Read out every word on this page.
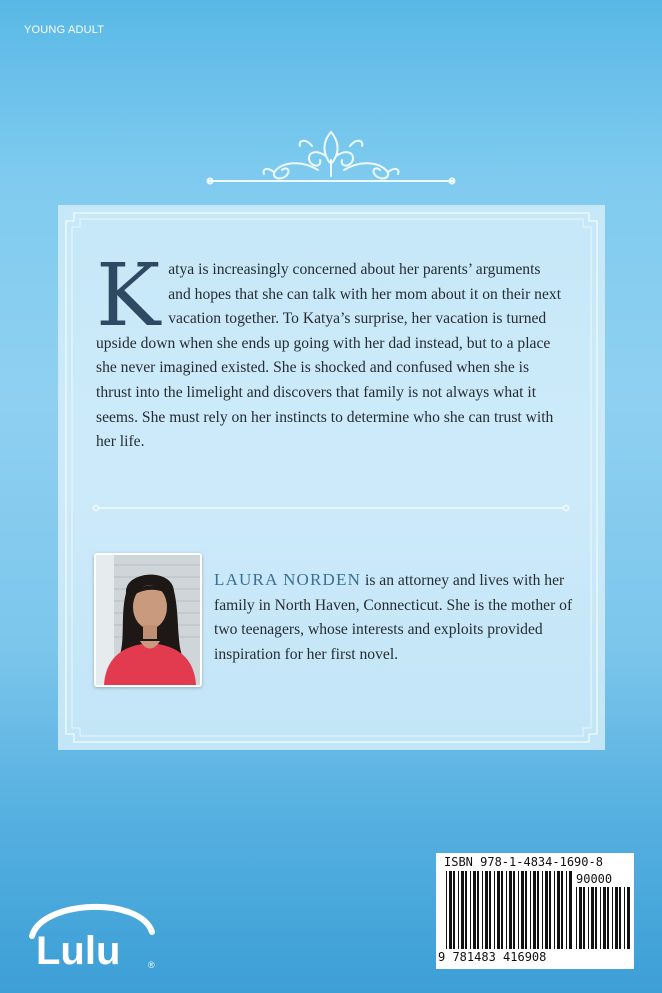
YOUNG ADULT
Katya is increasingly concerned about her parents’ arguments and hopes that she can talk with her mom about it on their next vacation together. To Katya’s surprise, her vacation is turned upside down when she ends up going with her dad instead, but to a place she never imagined existed. She is shocked and confused when she is thrust into the limelight and discovers that family is not always what it seems. She must rely on her instincts to determine who she can trust with her life.
LAURA NORDEN is an attorney and lives with her family in North Haven, Connecticut. She is the mother of two teenagers, whose interests and exploits provided inspiration for her first novel.
Lulu	®
ISBN 978-1-4834-1690-8
90000
9 781483 416908
